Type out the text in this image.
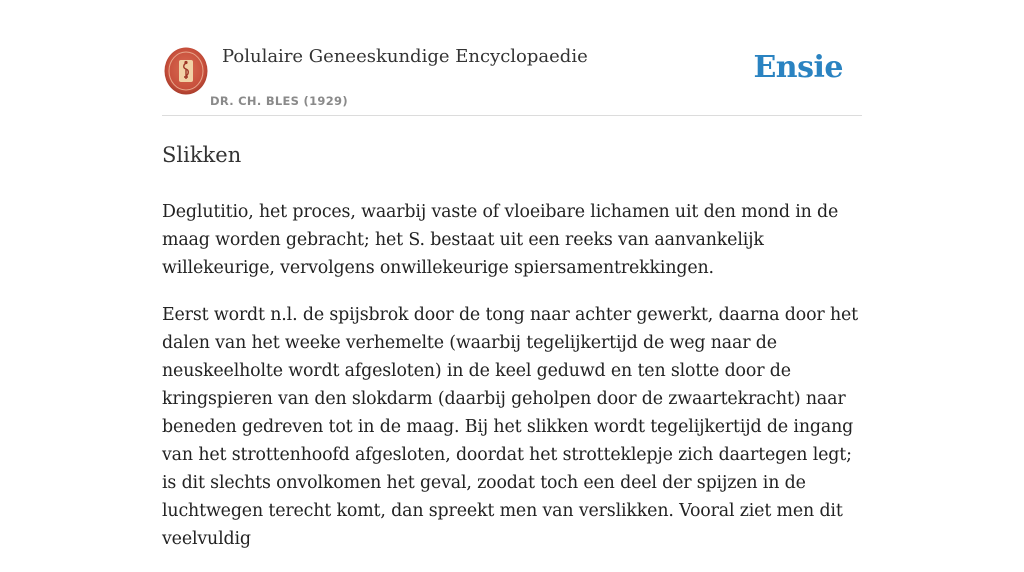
Polulaire Geneeskundige Encyclopaedie
DR. CH. BLES (1929)
Ensie
Slikken

Deglutitio, het proces, waarbij vaste of vloeibare lichamen uit den mond in de maag worden gebracht; het S. bestaat uit een reeks van aanvankelijk willekeurige, vervolgens onwillekeurige spiersamentrekkingen.

Eerst wordt n.l. de spijsbrok door de tong naar achter gewerkt, daarna door het dalen van het weeke verhemelte (waarbij tegelijkertijd de weg naar de neuskeelholte wordt afgesloten) in de keel geduwd en ten slotte door de kringspieren van den slokdarm (daarbij geholpen door de zwaartekracht) naar beneden gedreven tot in de maag. Bij het slikken wordt tegelijkertijd de ingang van het strottenhoofd afgesloten, doordat het strotteklepje zich daartegen legt; is dit slechts onvolkomen het geval, zoodat toch een deel der spijzen in de luchtwegen terecht komt, dan spreekt men van verslikken. Vooral ziet men dit veelvuldig
